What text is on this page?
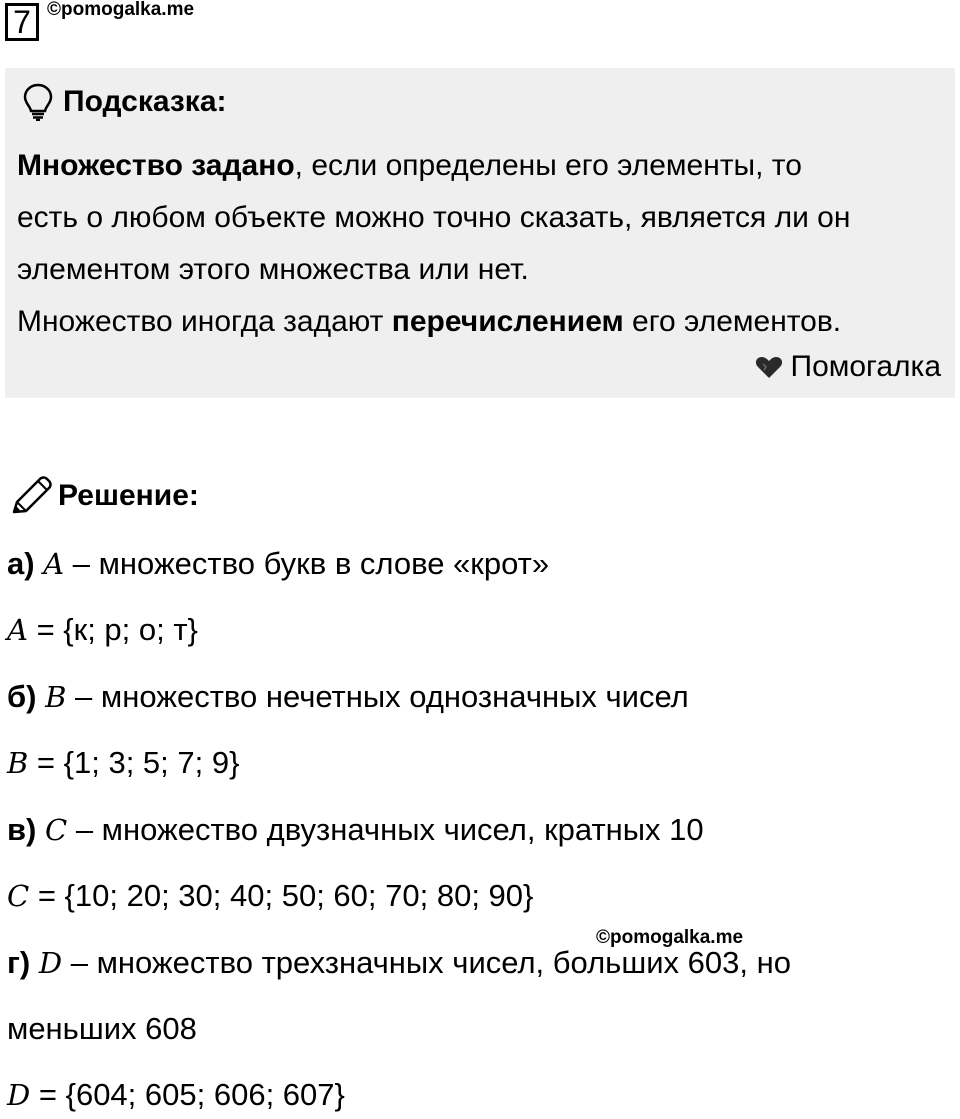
7 ©pomogalka.me
Подсказка:
Множество задано, если определены его элементы, то
есть о любом объекте можно точно сказать, является ли он
элементом этого множества или нет.
Множество иногда задают перечислением его элементов.
Помогалка
Решение:
а) A – множество букв в слове «крот»
A = {к; р; о; т}
б) B – множество нечетных однозначных чисел
B = {1; 3; 5; 7; 9}
в) C – множество двузначных чисел, кратных 10
C = {10; 20; 30; 40; 50; 60; 70; 80; 90}
©pomogalka.me
г) D – множество трехзначных чисел, больших 603, но
меньших 608
D = {604; 605; 606; 607}
